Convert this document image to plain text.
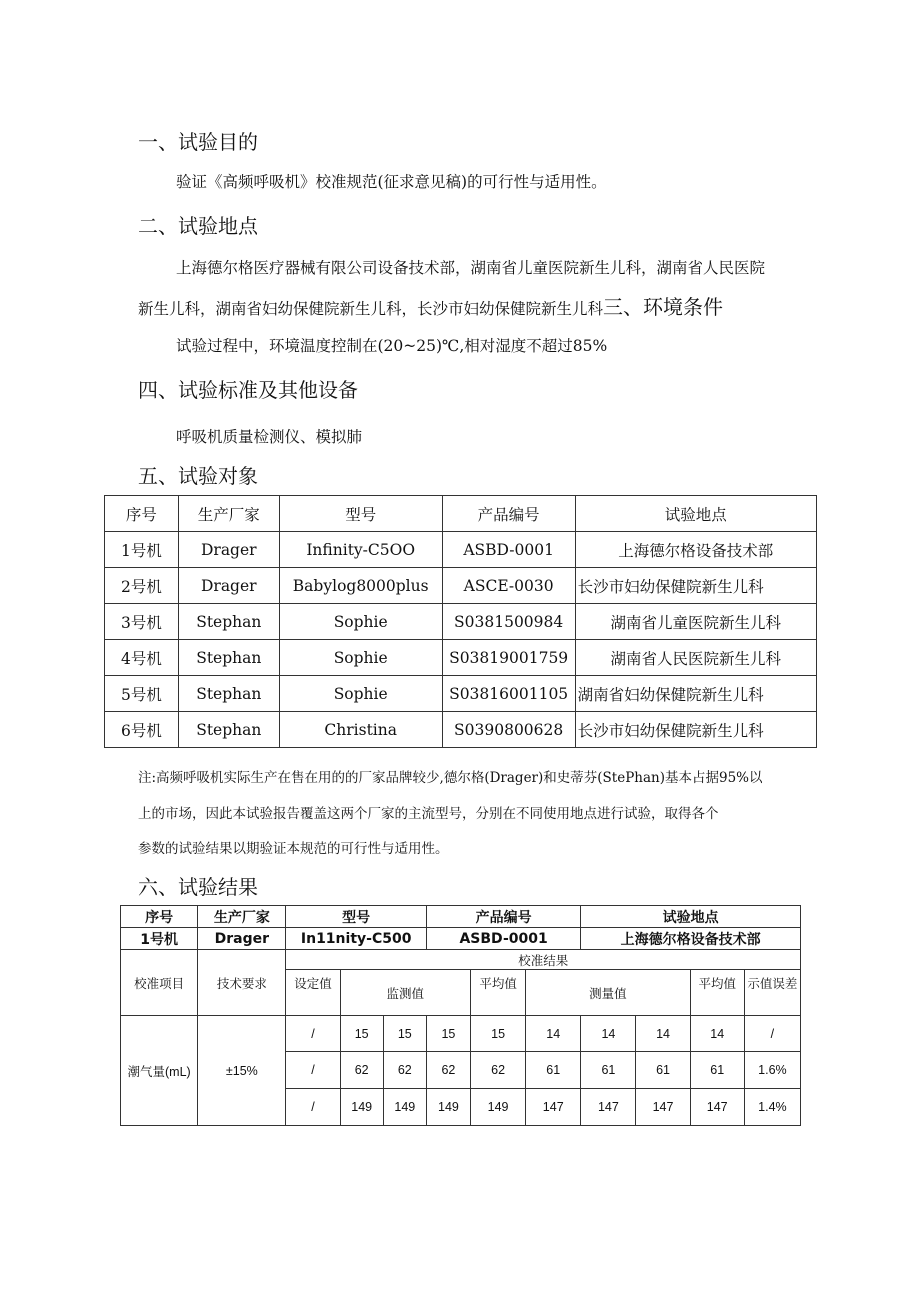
一、试验目的
验证《高频呼吸机》校准规范(征求意见稿)的可行性与适用性。
二、试验地点
上海德尔格医疗器械有限公司设备技术部，湖南省儿童医院新生儿科，湖南省人民医院
新生儿科，湖南省妇幼保健院新生儿科，长沙市妇幼保健院新生儿科三、环境条件
试验过程中，环境温度控制在(20~25)℃,相对湿度不超过85%
四、试验标准及其他设备
呼吸机质量检测仪、模拟肺
五、试验对象
序号	生产厂家	型号	产品编号	试验地点
1号机	Drager	Infinity-C5OO	ASBD-0001	上海德尔格设备技术部
2号机	Drager	Babylog8000plus	ASCE-0030	长沙市妇幼保健院新生儿科
3号机	Stephan	Sophie	S0381500984	湖南省儿童医院新生儿科
4号机	Stephan	Sophie	S03819001759	湖南省人民医院新生儿科
5号机	Stephan	Sophie	S03816001105	湖南省妇幼保健院新生儿科
6号机	Stephan	Christina	S0390800628	长沙市妇幼保健院新生儿科
注:高频呼吸机实际生产在售在用的的厂家品牌较少,德尔格(Drager)和史蒂芬(StePhan)基本占据95%以
上的市场，因此本试验报告覆盖这两个厂家的主流型号，分别在不同使用地点进行试验，取得各个
参数的试验结果以期验证本规范的可行性与适用性。
六、试验结果
序号	生产厂家	型号			产品编号			试验地点			
1号机	Drager	In11nity-C500			ASBD-0001			上海德尔格设备技术部			
校准项目	技术要求	校准结果									
		设定值	监测值			平均值	测量值			平均值	示值误差
潮气量(mL)	±15%	/	15	15	15	15	14	14	14	14	/
		/	62	62	62	62	61	61	61	61	1.6%
		/	149	149	149	149	147	147	147	147	1.4%
